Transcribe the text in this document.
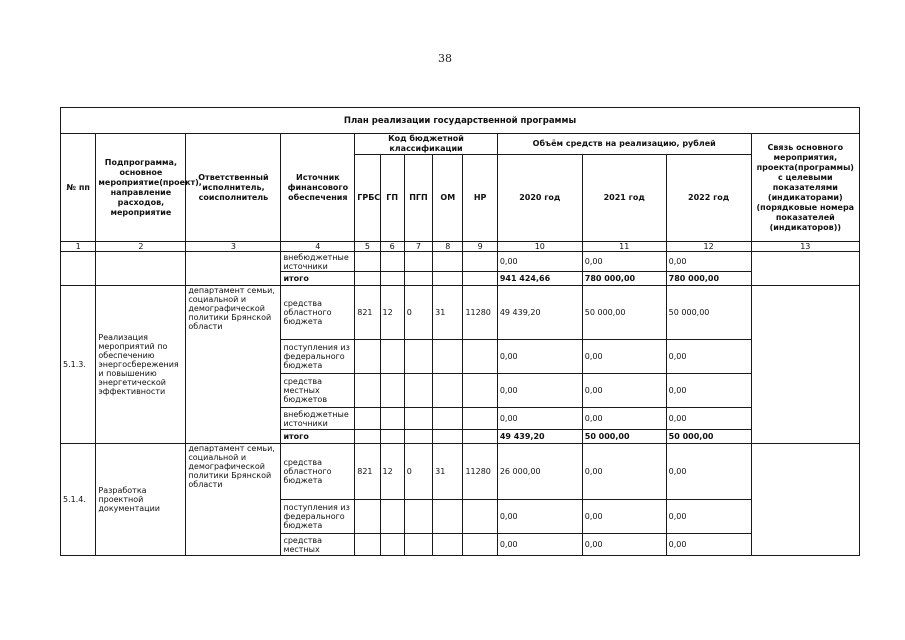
38
План реализации государственной программы												
№ пп	Подпрограмма, основное мероприятие(проект), направление расходов, мероприятие	Ответственный исполнитель, соисполнитель	Источник финансового обеспечения	Код бюджетной классификации					Объём средств на реализацию, рублей			Связь основного мероприятия, проекта(программы) с целевыми показателями (индикаторами) (порядковые номера показателей (индикаторов))
				ГРБС	ГП	ПГП	ОМ	НР	2020 год	2021 год	2022 год	
1	2	3	4	5	6	7	8	9	10	11	12	13
			внебюджетные источники						0,00	0,00	0,00	
			итого						941 424,66	780 000,00	780 000,00	
5.1.3.	Реализация мероприятий по обеспечению энергосбережения и повышению энергетической эффективности	департамент семьи, социальной и демографической политики Брянской области	средства областного бюджета	821	12	0	31	11280	49 439,20	50 000,00	50 000,00	
			поступления из федерального бюджета						0,00	0,00	0,00	
			средства местных бюджетов						0,00	0,00	0,00	
			внебюджетные источники						0,00	0,00	0,00	
			итого						49 439,20	50 000,00	50 000,00	
5.1.4.	Разработка проектной документации	департамент семьи, социальной и демографической политики Брянской области	средства областного бюджета	821	12	0	31	11280	26 000,00	0,00	0,00	
			поступления из федерального бюджета						0,00	0,00	0,00	
			средства местных						0,00	0,00	0,00	
